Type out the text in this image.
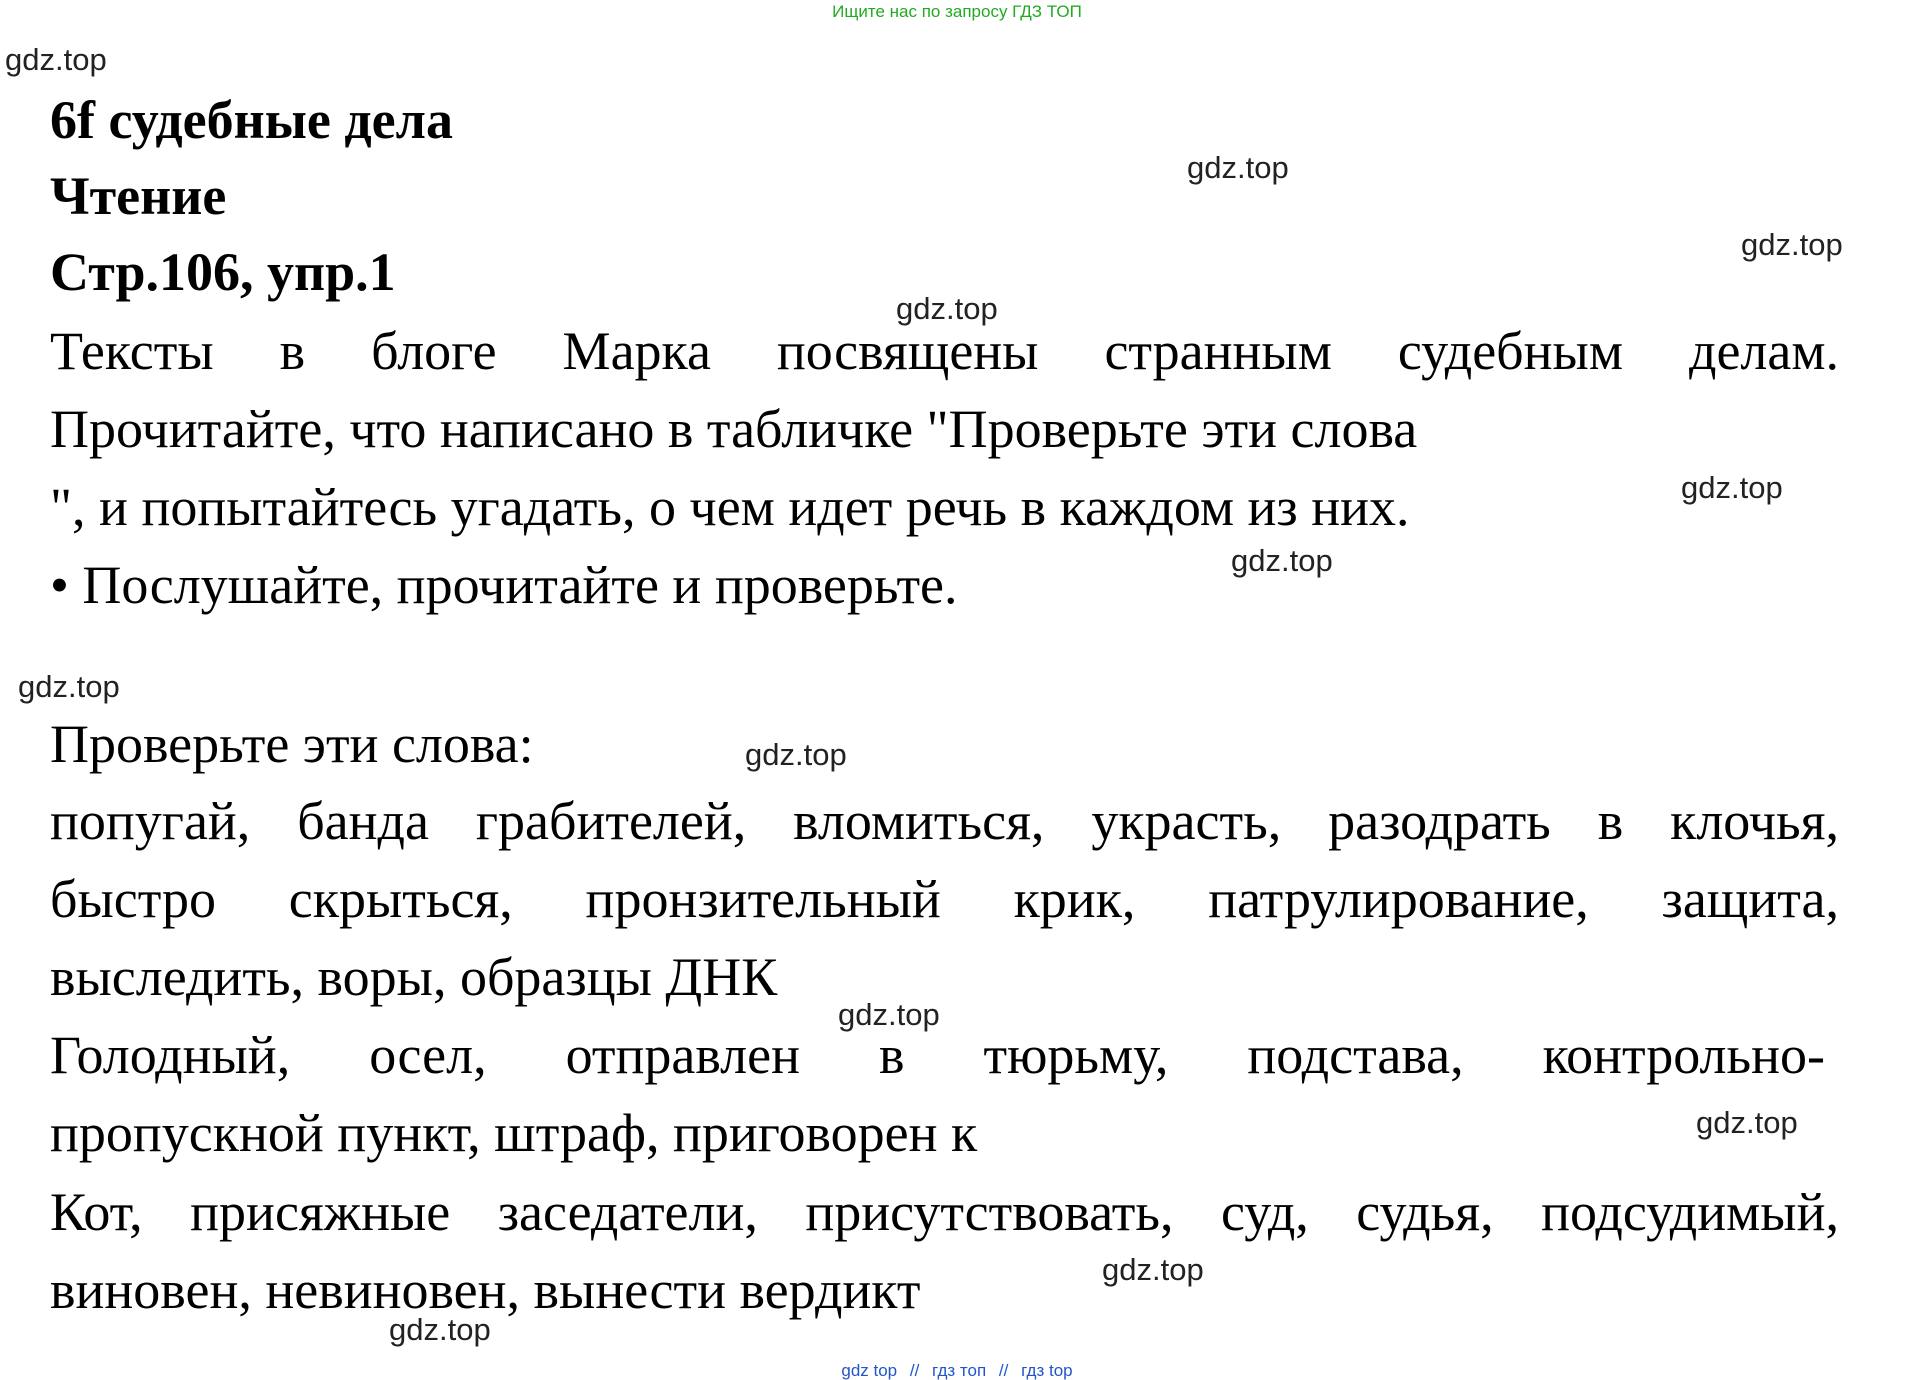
Ищите нас по запросу ГДЗ ТОП
6f судебные дела
Чтение
Стр.106, упр.1
Тексты в блоге Марка посвящены странным судебным делам.
Прочитайте, что написано в табличке "Проверьте эти слова
", и попытайтесь угадать, о чем идет речь в каждом из них.
• Послушайте, прочитайте и проверьте.
Проверьте эти слова:
попугай, банда грабителей, вломиться, украсть, разодрать в клочья,
быстро скрыться, пронзительный крик, патрулирование, защита,
выследить, воры, образцы ДНК
Голодный, осел, отправлен в тюрьму, подстава, контрольно-
пропускной пункт, штраф, приговорен к
Кот, присяжные заседатели, присутствовать, суд, судья, подсудимый,
виновен, невиновен, вынести вердикт
gdz.top
gdz.top
gdz.top
gdz.top
gdz.top
gdz.top
gdz.top
gdz.top
gdz.top
gdz.top
gdz.top
gdz.top
gdz top // гдз топ // гдз top
